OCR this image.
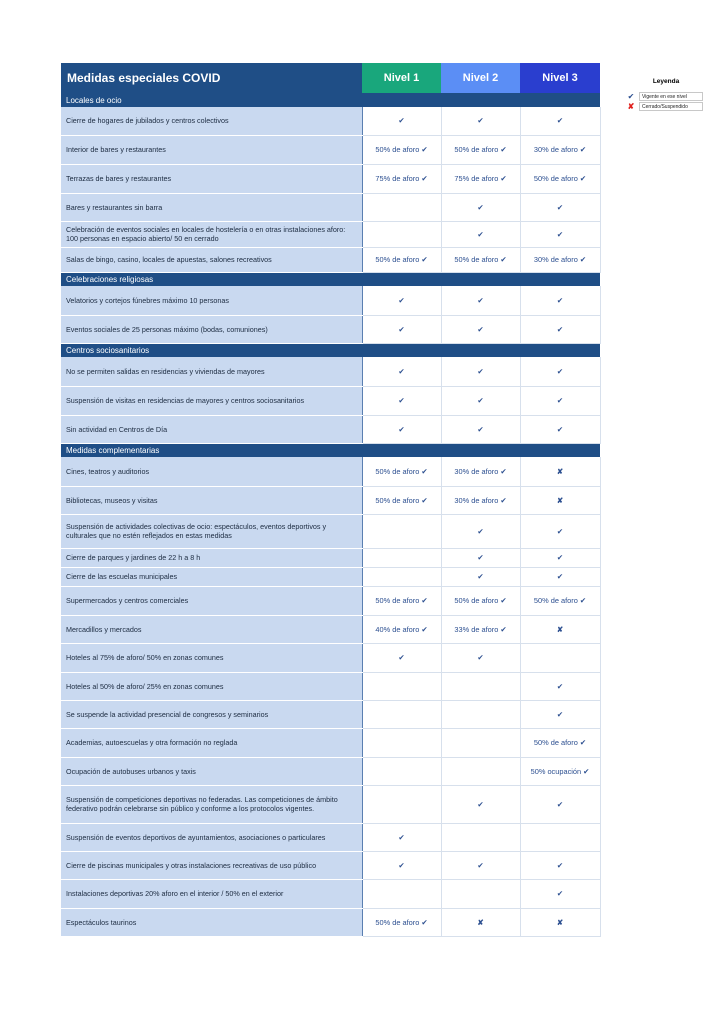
Medidas especiales COVID	Nivel 1	Nivel 2	Nivel 3
Locales de ocio			
Cierre de hogares de jubilados y centros colectivos	✔	✔	✔
Interior de bares y restaurantes	50% de aforo ✔	50% de aforo ✔	30% de aforo ✔
Terrazas de bares y restaurantes	75% de aforo ✔	75% de aforo ✔	50% de aforo ✔
Bares y restaurantes sin barra		✔	✔
Celebración de eventos sociales en locales de hostelería o en otras instalaciones aforo: 100 personas en espacio abierto/ 50 en cerrado		✔	✔
Salas de bingo, casino, locales de apuestas, salones recreativos	50% de aforo ✔	50% de aforo ✔	30% de aforo ✔
Celebraciones religiosas			
Velatorios y cortejos fúnebres máximo 10 personas	✔	✔	✔
Eventos sociales de 25 personas máximo (bodas, comuniones)	✔	✔	✔
Centros sociosanitarios			
No se permiten salidas en residencias y viviendas de mayores	✔	✔	✔
Suspensión de visitas en residencias de mayores y centros sociosanitarios	✔	✔	✔
Sin actividad en Centros de Día	✔	✔	✔
Medidas complementarias			
Cines, teatros y auditorios	50% de aforo ✔	30% de aforo ✔	✘
Bibliotecas, museos y visitas	50% de aforo ✔	30% de aforo ✔	✘
Suspensión de actividades colectivas de ocio: espectáculos, eventos deportivos y culturales que no estén reflejados en estas medidas		✔	✔
Cierre de parques y jardines de 22 h a 8 h		✔	✔
Cierre de las escuelas municipales		✔	✔
Supermercados y centros comerciales	50% de aforo ✔	50% de aforo ✔	50% de aforo ✔
Mercadillos y mercados	40% de aforo ✔	33% de aforo ✔	✘
Hoteles al 75% de aforo/ 50% en zonas comunes	✔	✔	
Hoteles al 50% de aforo/ 25% en zonas comunes			✔
Se suspende la actividad presencial de congresos y seminarios			✔
Academias, autoescuelas y otra formación no reglada			50% de aforo ✔
Ocupación de autobuses urbanos y taxis			50% ocupación ✔
Suspensión de competiciones deportivas no federadas. Las competiciones de ámbito federativo podrán celebrarse sin público y conforme a los protocolos vigentes.		✔	✔
Suspensión de eventos deportivos de ayuntamientos, asociaciones o particulares	✔		
Cierre de piscinas municipales y otras instalaciones recreativas de uso público	✔	✔	✔
Instalaciones deportivas 20% aforo en el interior / 50% en el exterior			✔
Espectáculos taurinos	50% de aforo ✔	✘	✘
Leyenda
✔	Vigente en ese nivel
✘	Cerrado/Suspendido
